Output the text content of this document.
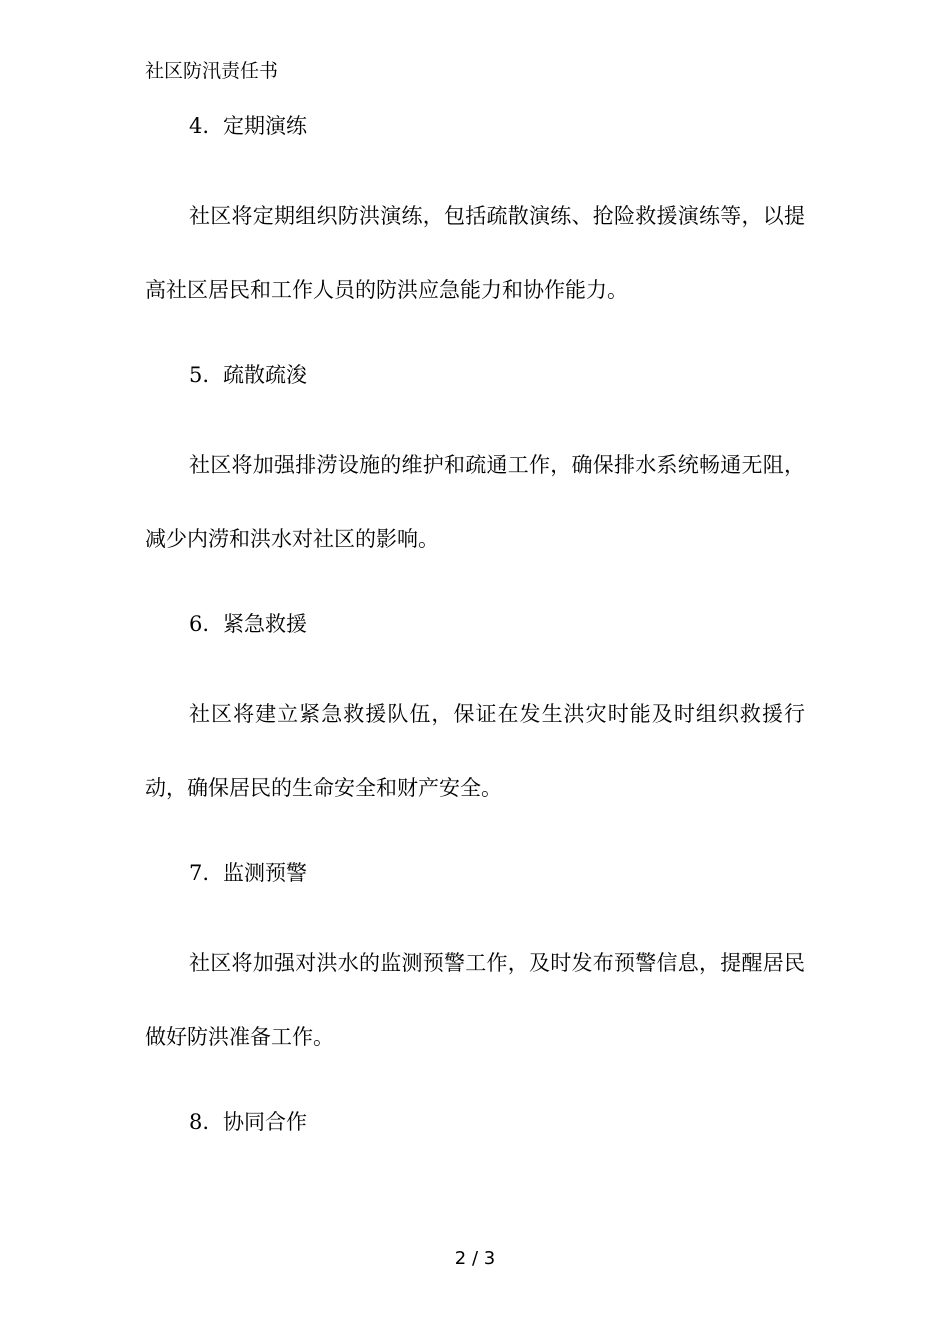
社区防汛责任书
4. 定期演练
社区将定期组织防洪演练，包括疏散演练、抢险救援演练等，以提高社区居民和工作人员的防洪应急能力和协作能力。
5. 疏散疏浚
社区将加强排涝设施的维护和疏通工作，确保排水系统畅通无阻，减少内涝和洪水对社区的影响。
6. 紧急救援
社区将建立紧急救援队伍，保证在发生洪灾时能及时组织救援行动，确保居民的生命安全和财产安全。
7. 监测预警
社区将加强对洪水的监测预警工作，及时发布预警信息，提醒居民做好防洪准备工作。
8. 协同合作
2 / 3
